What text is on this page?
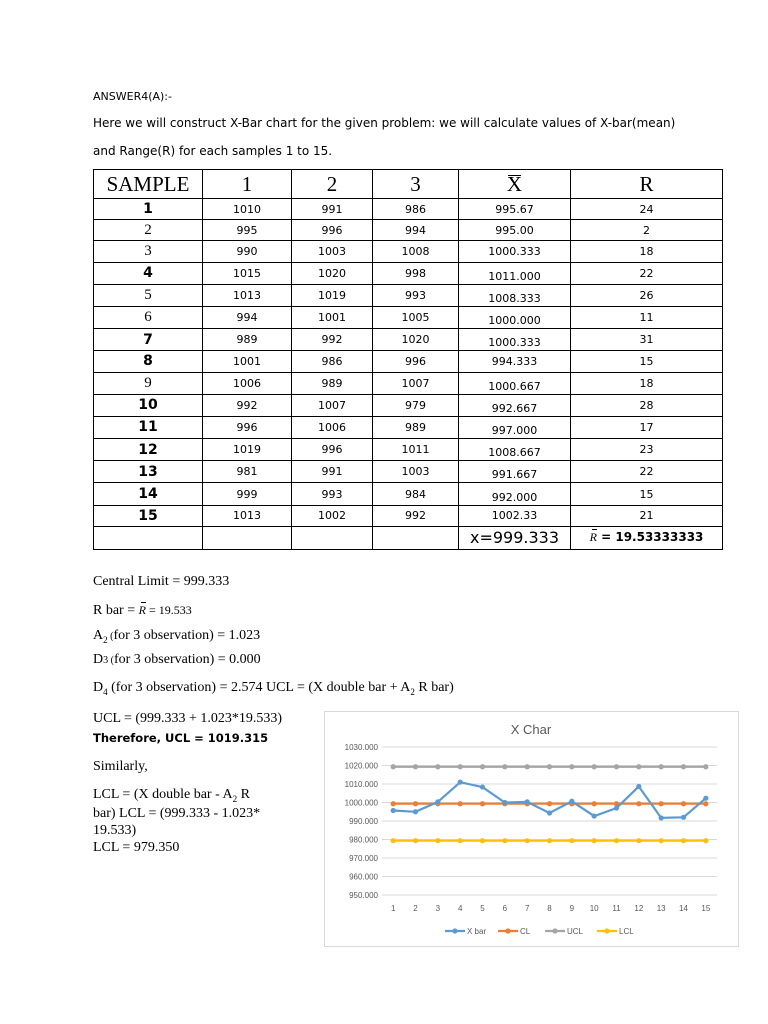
ANSWER4(A):-
Here we will construct X-Bar chart for the given problem: we will calculate values of X-bar(mean)
and Range(R) for each samples 1 to 15.
SAMPLE	1	2	3	X	R
1	1010	991	986	995.67	24
2	995	996	994	995.00	2
3	990	1003	1008	1000.333	18
4	1015	1020	998	1011.000	22
5	1013	1019	993	1008.333	26
6	994	1001	1005	1000.000	11
7	989	992	1020	1000.333	31
8	1001	986	996	994.333	15
9	1006	989	1007	1000.667	18
10	992	1007	979	992.667	28
11	996	1006	989	997.000	17
12	1019	996	1011	1008.667	23
13	981	991	1003	991.667	22
14	999	993	984	992.000	15
15	1013	1002	992	1002.33	21
				x=999.333	R = 19.53333333
Central Limit = 999.333
R bar = R = 19.533
$A_2$ (for 3 observation) = 1.023
D3 (for 3 observation) = 0.000
$D_4$ (for 3 observation) = 2.574 UCL = (X double bar + $A_2$ R bar)
UCL = (999.333 + 1.023*19.533)
Therefore, UCL = 1019.315
Similarly,
LCL = (X double bar - $A_2$ R
bar) LCL = (999.333 - 1.023*
19.533)
LCL = 979.350
X Char
950.000
960.000
970.000
980.000
990.000
1000.000
1010.000
1020.000
1030.000
1 2 3 4 5 6 7 8 9 10 11 12 13 14 15
X bar	CL	UCL	LCL
